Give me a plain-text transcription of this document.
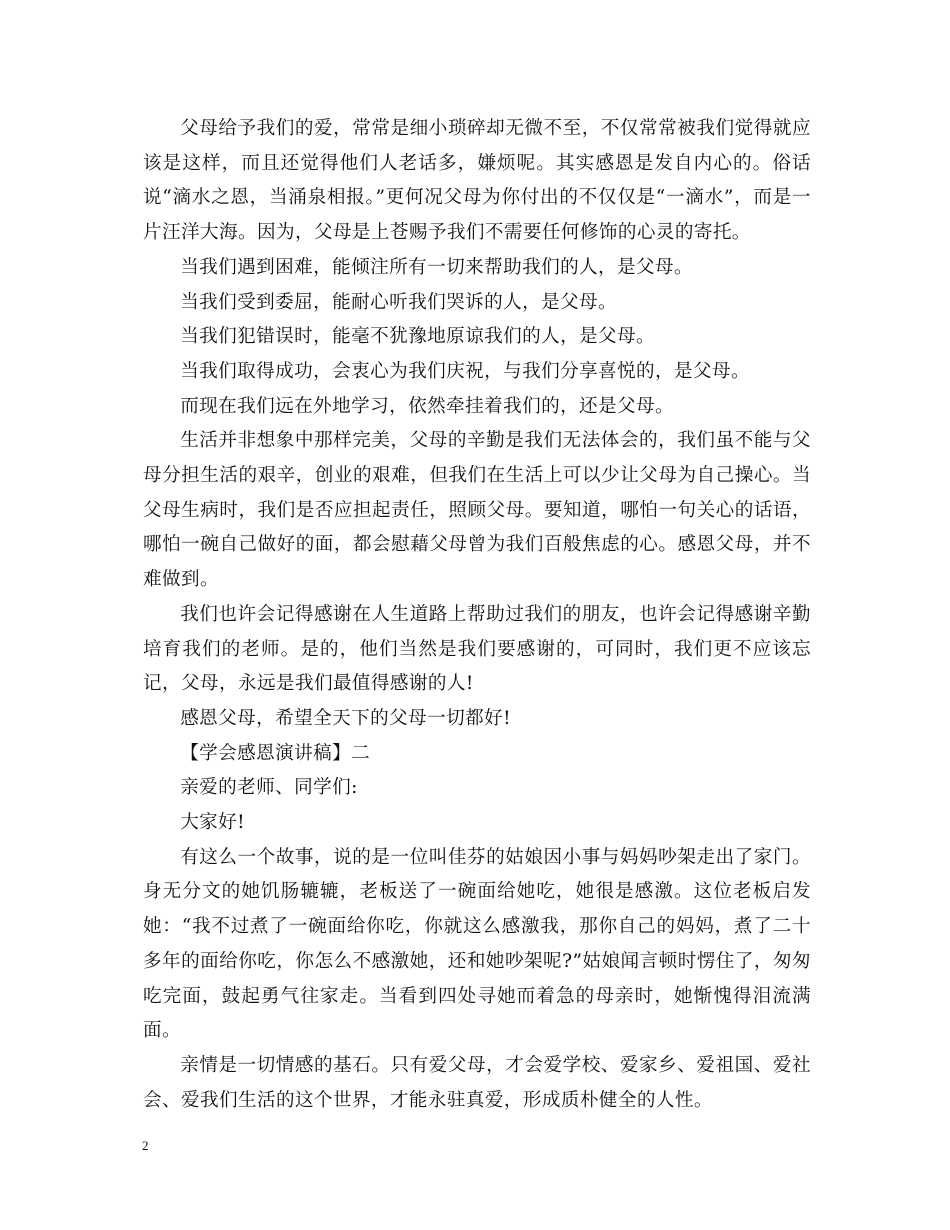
父母给予我们的爱，常常是细小琐碎却无微不至，不仅常常被我们觉得就应该是这样，而且还觉得他们人老话多，嫌烦呢。其实感恩是发自内心的。俗话说“滴水之恩，当涌泉相报。”更何况父母为你付出的不仅仅是“一滴水”，而是一片汪洋大海。因为，父母是上苍赐予我们不需要任何修饰的心灵的寄托。

当我们遇到困难，能倾注所有一切来帮助我们的人，是父母。

当我们受到委屈，能耐心听我们哭诉的人，是父母。

当我们犯错误时，能毫不犹豫地原谅我们的人，是父母。

当我们取得成功，会衷心为我们庆祝，与我们分享喜悦的，是父母。

而现在我们远在外地学习，依然牵挂着我们的，还是父母。

生活并非想象中那样完美，父母的辛勤是我们无法体会的，我们虽不能与父母分担生活的艰辛，创业的艰难，但我们在生活上可以少让父母为自己操心。当父母生病时，我们是否应担起责任，照顾父母。要知道，哪怕一句关心的话语，哪怕一碗自己做好的面，都会慰藉父母曾为我们百般焦虑的心。感恩父母，并不难做到。

我们也许会记得感谢在人生道路上帮助过我们的朋友，也许会记得感谢辛勤培育我们的老师。是的，他们当然是我们要感谢的，可同时，我们更不应该忘记，父母，永远是我们最值得感谢的人!

感恩父母，希望全天下的父母一切都好!

【学会感恩演讲稿】二

亲爱的老师、同学们:

大家好!

有这么一个故事，说的是一位叫佳芬的姑娘因小事与妈妈吵架走出了家门。身无分文的她饥肠辘辘，老板送了一碗面给她吃，她很是感激。这位老板启发她：“我不过煮了一碗面给你吃，你就这么感激我，那你自己的妈妈，煮了二十多年的面给你吃，你怎么不感激她，还和她吵架呢?”姑娘闻言顿时愣住了，匆匆吃完面，鼓起勇气往家走。当看到四处寻她而着急的母亲时，她惭愧得泪流满面。

亲情是一切情感的基石。只有爱父母，才会爱学校、爱家乡、爱祖国、爱社会、爱我们生活的这个世界，才能永驻真爱，形成质朴健全的人性。

2
